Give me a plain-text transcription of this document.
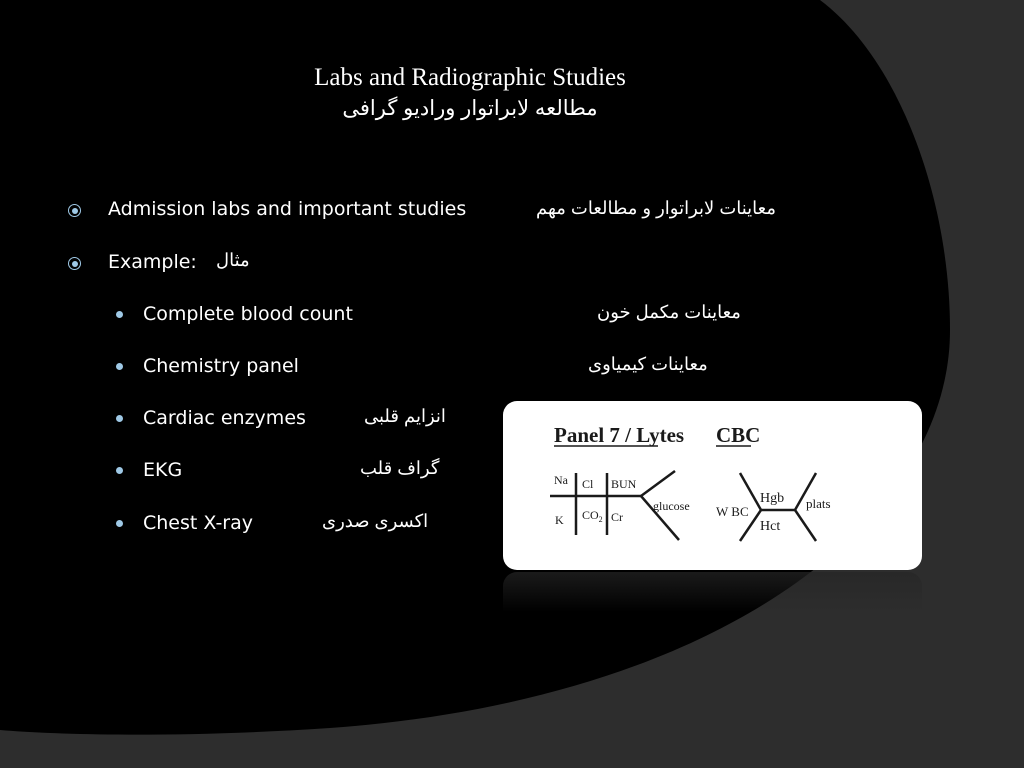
Labs and Radiographic Studies
مطالعه لابراتوار ورادیو گرافی
Admission labs and important studies	معاینات لابراتوار و مطالعات مهم
Example: مثال
Complete blood count	معاینات مکمل خون
Chemistry panel	معاینات کیمیاوی
Cardiac enzymes	انزایم قلبی
EKG	گراف قلب
Chest X-ray	اکسری صدری
Panel 7 / Lytes CBC
Na Cl BUN
K $CO_2$ Cr
glucose W BC
Hgb
Hct
plats
